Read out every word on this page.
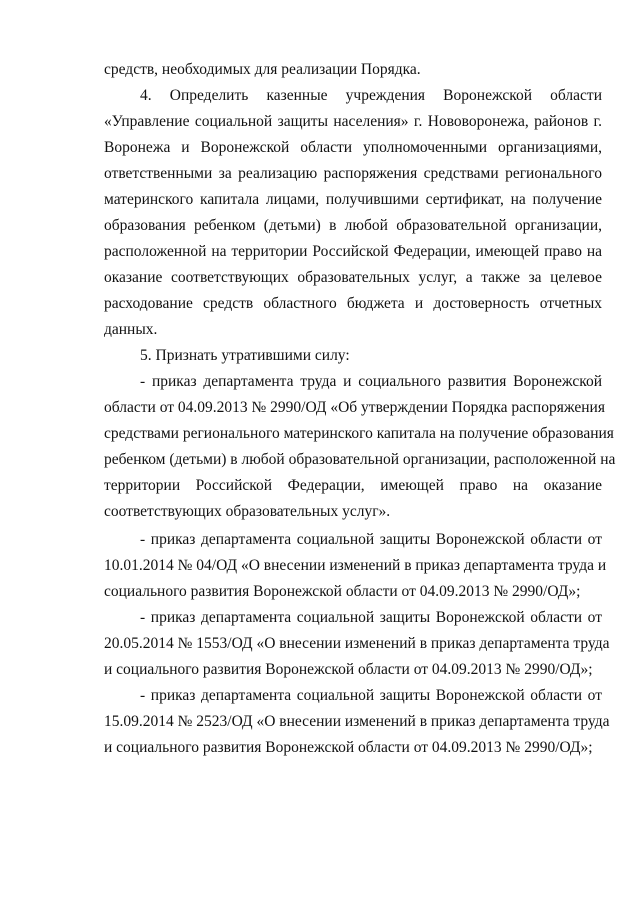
средств, необходимых для реализации Порядка.
4. Определить казенные учреждения Воронежской области
«Управление социальной защиты населения» г. Нововоронежа, районов г.
Воронежа и Воронежской области уполномоченными организациями,
ответственными за реализацию распоряжения средствами регионального
материнского капитала лицами, получившими сертификат, на получение
образования ребенком (детьми) в любой образовательной организации,
расположенной на территории Российской Федерации, имеющей право на
оказание соответствующих образовательных услуг, а также за целевое
расходование средств областного бюджета и достоверность отчетных
данных.
5. Признать утратившими силу:
- приказ департамента труда и социального развития Воронежской
области от 04.09.2013 № 2990/ОД «Об утверждении Порядка распоряжения
средствами регионального материнского капитала на получение образования
ребенком (детьми) в любой образовательной организации, расположенной на
территории Российской Федерации, имеющей право на оказание
соответствующих образовательных услуг».
- приказ департамента социальной защиты Воронежской области от
10.01.2014 № 04/ОД «О внесении изменений в приказ департамента труда и
социального развития Воронежской области от 04.09.2013 № 2990/ОД»;
- приказ департамента социальной защиты Воронежской области от
20.05.2014 № 1553/ОД «О внесении изменений в приказ департамента труда
и социального развития Воронежской области от 04.09.2013 № 2990/ОД»;
- приказ департамента социальной защиты Воронежской области от
15.09.2014 № 2523/ОД «О внесении изменений в приказ департамента труда
и социального развития Воронежской области от 04.09.2013 № 2990/ОД»;
